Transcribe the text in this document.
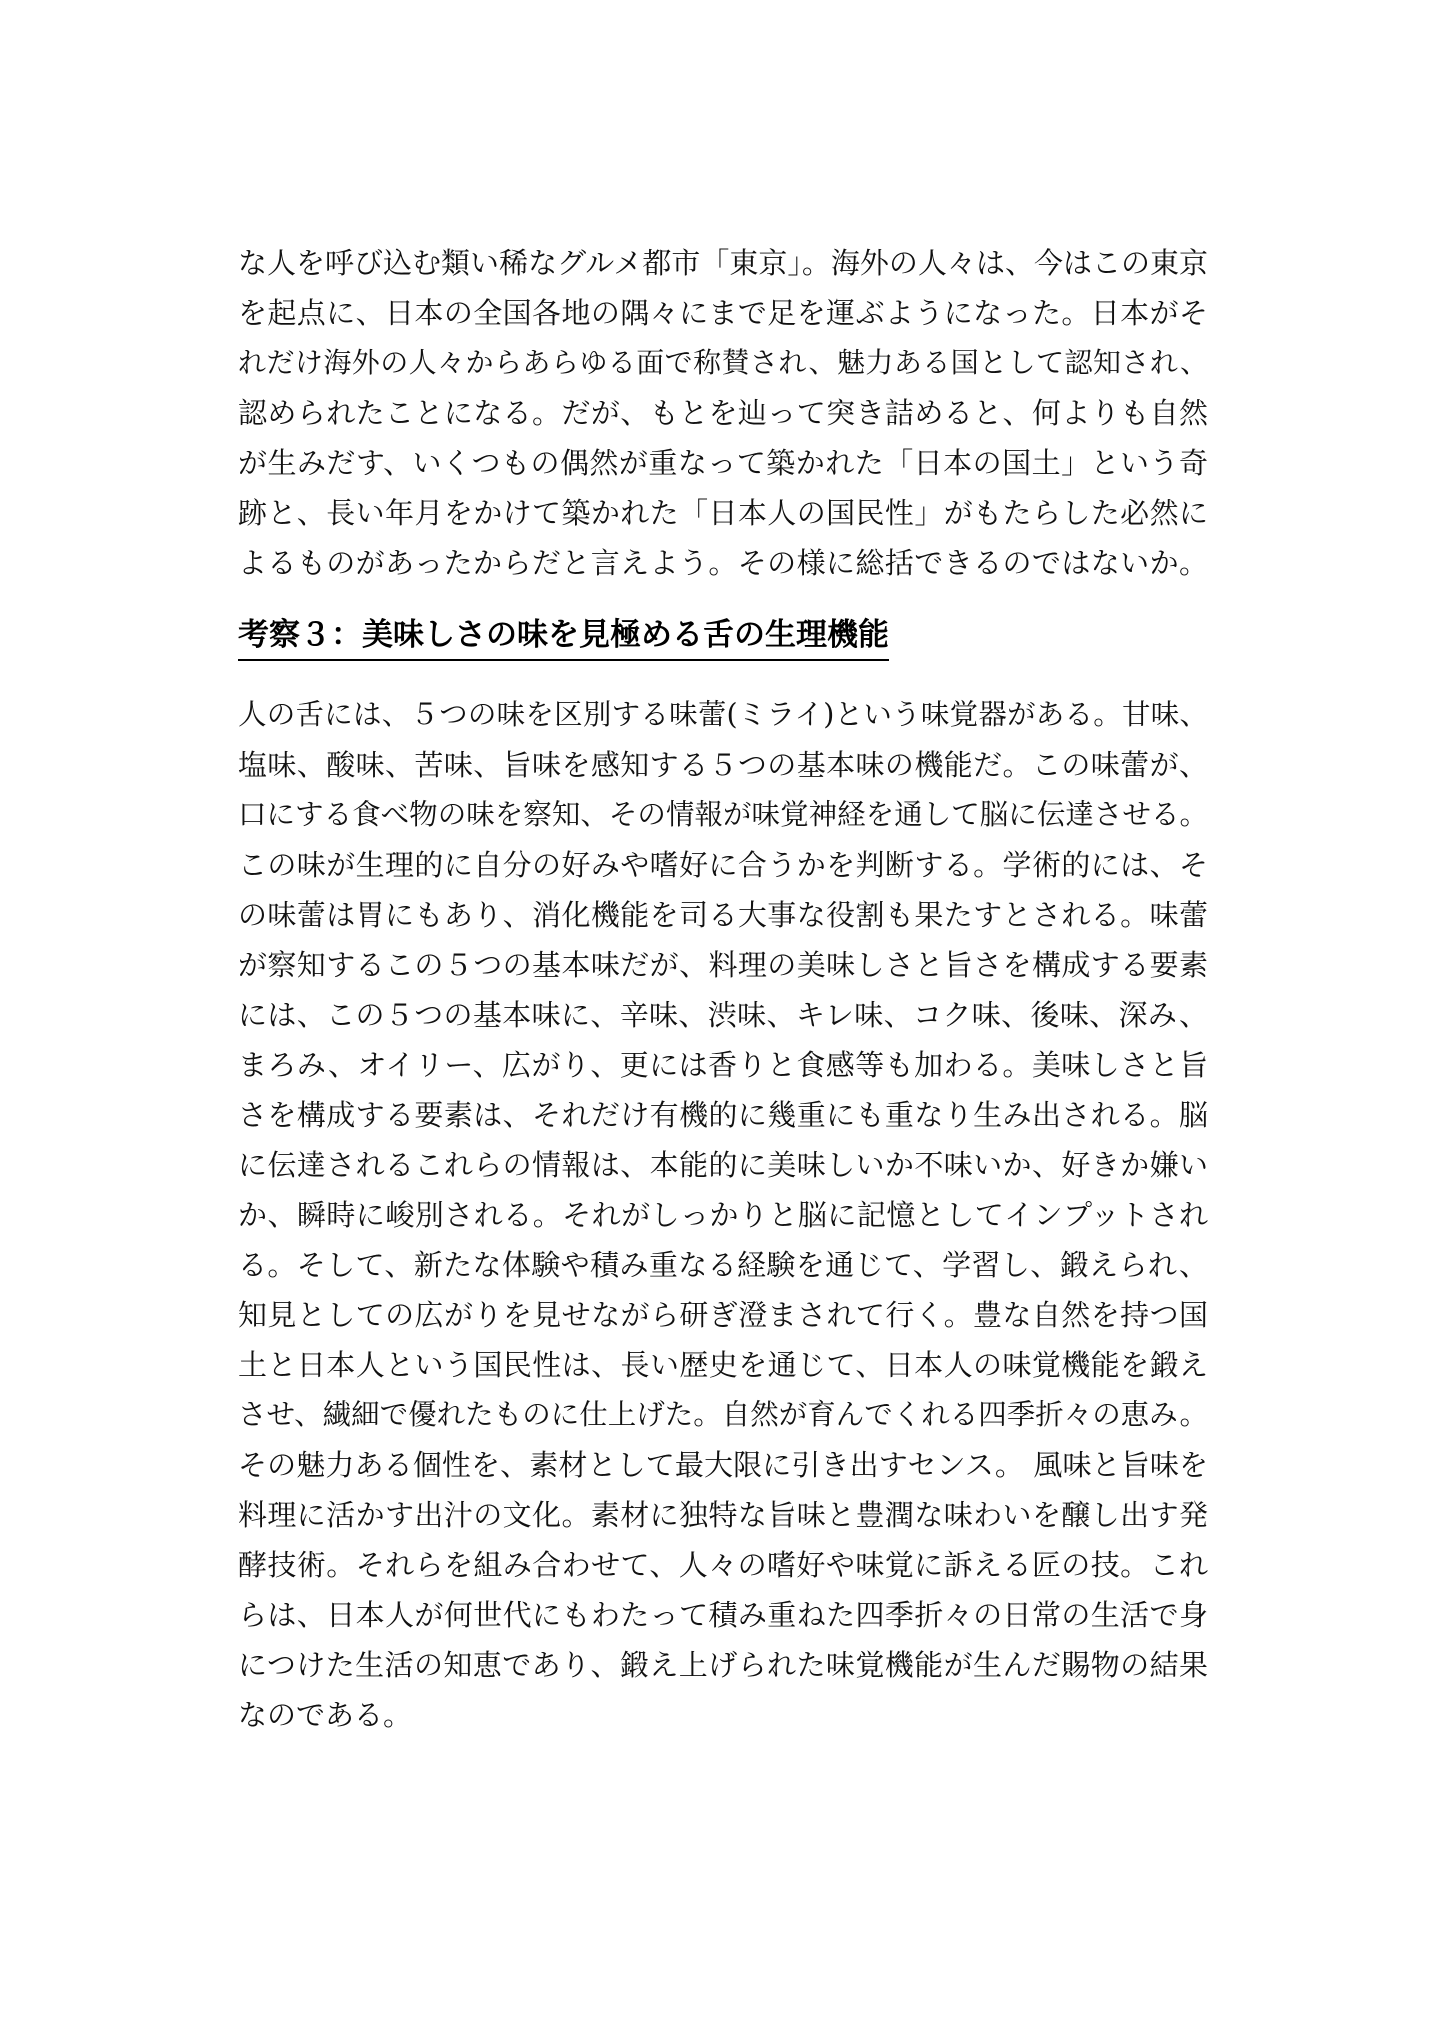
な人を呼び込む類い稀なグルメ都市「東京」。海外の人々は、今はこの東京
を起点に、日本の全国各地の隅々にまで足を運ぶようになった。日本がそ
れだけ海外の人々からあらゆる面で称賛され、魅力ある国として認知され、
認められたことになる。だが、もとを辿って突き詰めると、何よりも自然
が生みだす、いくつもの偶然が重なって築かれた「日本の国土」という奇
跡と、長い年月をかけて築かれた「日本人の国民性」がもたらした必然に
よるものがあったからだと言えよう。その様に総括できるのではないか。
考察３：美味しさの味を見極める舌の生理機能
人の舌には、５つの味を区別する味蕾(ミライ)という味覚器がある。甘味、
塩味、酸味、苦味、旨味を感知する５つの基本味の機能だ。この味蕾が、
口にする食べ物の味を察知、その情報が味覚神経を通して脳に伝達させる。
この味が生理的に自分の好みや嗜好に合うかを判断する。学術的には、そ
の味蕾は胃にもあり、消化機能を司る大事な役割も果たすとされる。味蕾
が察知するこの５つの基本味だが、料理の美味しさと旨さを構成する要素
には、この５つの基本味に、辛味、渋味、キレ味、コク味、後味、深み、
まろみ、オイリー、広がり、更には香りと食感等も加わる。美味しさと旨
さを構成する要素は、それだけ有機的に幾重にも重なり生み出される。脳
に伝達されるこれらの情報は、本能的に美味しいか不味いか、好きか嫌い
か、瞬時に峻別される。それがしっかりと脳に記憶としてインプットされ
る。そして、新たな体験や積み重なる経験を通じて、学習し、鍛えられ、
知見としての広がりを見せながら研ぎ澄まされて行く。豊な自然を持つ国
土と日本人という国民性は、長い歴史を通じて、日本人の味覚機能を鍛え
させ、繊細で優れたものに仕上げた。自然が育んでくれる四季折々の恵み。
その魅力ある個性を、素材として最大限に引き出すセンス。 風味と旨味を
料理に活かす出汁の文化。素材に独特な旨味と豊潤な味わいを醸し出す発
酵技術。それらを組み合わせて、人々の嗜好や味覚に訴える匠の技。これ
らは、日本人が何世代にもわたって積み重ねた四季折々の日常の生活で身
につけた生活の知恵であり、鍛え上げられた味覚機能が生んだ賜物の結果
なのである。
